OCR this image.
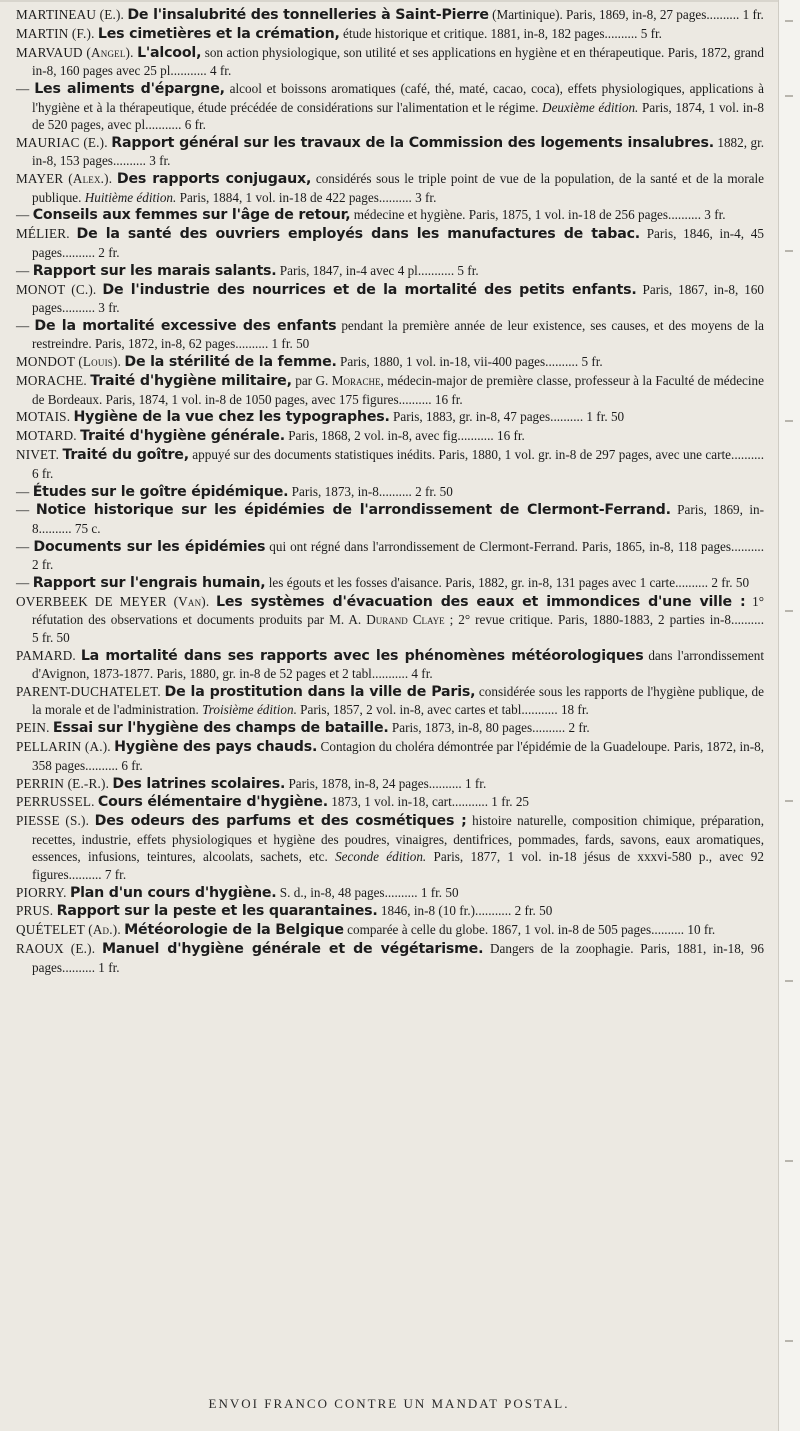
MARTINEAU (E.). De l'insalubrité des tonnelleries à Saint-Pierre (Martinique). Paris, 1869, in-8, 27 pages.......... 1 fr.
MARTIN (F.). Les cimetières et la crémation, étude historique et critique. 1881, in-8, 182 pages.......... 5 fr.
MARVAUD (Angel). L'alcool, son action physiologique, son utilité et ses applications en hygiène et en thérapeutique. Paris, 1872, grand in-8, 160 pages avec 25 pl........... 4 fr.
— Les aliments d'épargne, alcool et boissons aromatiques (café, thé, maté, cacao, coca), effets physiologiques, applications à l'hygiène et à la thérapeutique, étude précédée de considérations sur l'alimentation et le régime. Deuxième édition. Paris, 1874, 1 vol. in-8 de 520 pages, avec pl........... 6 fr.
MAURIAC (E.). Rapport général sur les travaux de la Commission des logements insalubres. 1882, gr. in-8, 153 pages.......... 3 fr.
MAYER (Alex.). Des rapports conjugaux, considérés sous le triple point de vue de la population, de la santé et de la morale publique. Huitième édition. Paris, 1884, 1 vol. in-18 de 422 pages.......... 3 fr.
— Conseils aux femmes sur l'âge de retour, médecine et hygiène. Paris, 1875, 1 vol. in-18 de 256 pages.......... 3 fr.
MÉLIER. De la santé des ouvriers employés dans les manufactures de tabac. Paris, 1846, in-4, 45 pages.......... 2 fr.
— Rapport sur les marais salants. Paris, 1847, in-4 avec 4 pl........... 5 fr.
MONOT (C.). De l'industrie des nourrices et de la mortalité des petits enfants. Paris, 1867, in-8, 160 pages.......... 3 fr.
— De la mortalité excessive des enfants pendant la première année de leur existence, ses causes, et des moyens de la restreindre. Paris, 1872, in-8, 62 pages.......... 1 fr. 50
MONDOT (Louis). De la stérilité de la femme. Paris, 1880, 1 vol. in-18, vii-400 pages.......... 5 fr.
MORACHE. Traité d'hygiène militaire, par G. Morache, médecin-major de première classe, professeur à la Faculté de médecine de Bordeaux. Paris, 1874, 1 vol. in-8 de 1050 pages, avec 175 figures.......... 16 fr.
MOTAIS. Hygiène de la vue chez les typographes. Paris, 1883, gr. in-8, 47 pages.......... 1 fr. 50
MOTARD. Traité d'hygiène générale. Paris, 1868, 2 vol. in-8, avec fig........... 16 fr.
NIVET. Traité du goître, appuyé sur des documents statistiques inédits. Paris, 1880, 1 vol. gr. in-8 de 297 pages, avec une carte.......... 6 fr.
— Études sur le goître épidémique. Paris, 1873, in-8.......... 2 fr. 50
— Notice historique sur les épidémies de l'arrondissement de Clermont-Ferrand. Paris, 1869, in-8.......... 75 c.
— Documents sur les épidémies qui ont régné dans l'arrondissement de Clermont-Ferrand. Paris, 1865, in-8, 118 pages.......... 2 fr.
— Rapport sur l'engrais humain, les égouts et les fosses d'aisance. Paris, 1882, gr. in-8, 131 pages avec 1 carte.......... 2 fr. 50
OVERBEEK DE MEYER (Van). Les systèmes d'évacuation des eaux et immondices d'une ville : 1° réfutation des observations et documents produits par M. A. Durand Claye ; 2° revue critique. Paris, 1880-1883, 2 parties in-8.......... 5 fr. 50
PAMARD. La mortalité dans ses rapports avec les phénomènes météorologiques dans l'arrondissement d'Avignon, 1873-1877. Paris, 1880, gr. in-8 de 52 pages et 2 tabl........... 4 fr.
PARENT-DUCHATELET. De la prostitution dans la ville de Paris, considérée sous les rapports de l'hygiène publique, de la morale et de l'administration. Troisième édition. Paris, 1857, 2 vol. in-8, avec cartes et tabl........... 18 fr.
PEIN. Essai sur l'hygiène des champs de bataille. Paris, 1873, in-8, 80 pages.......... 2 fr.
PELLARIN (A.). Hygiène des pays chauds. Contagion du choléra démontrée par l'épidémie de la Guadeloupe. Paris, 1872, in-8, 358 pages.......... 6 fr.
PERRIN (E.-R.). Des latrines scolaires. Paris, 1878, in-8, 24 pages.......... 1 fr.
PERRUSSEL. Cours élémentaire d'hygiène. 1873, 1 vol. in-18, cart........... 1 fr. 25
PIESSE (S.). Des odeurs des parfums et des cosmétiques ; histoire naturelle, composition chimique, préparation, recettes, industrie, effets physiologiques et hygiène des poudres, vinaigres, dentifrices, pommades, fards, savons, eaux aromatiques, essences, infusions, teintures, alcoolats, sachets, etc. Seconde édition. Paris, 1877, 1 vol. in-18 jésus de xxxvi-580 p., avec 92 figures.......... 7 fr.
PIORRY. Plan d'un cours d'hygiène. S. d., in-8, 48 pages.......... 1 fr. 50
PRUS. Rapport sur la peste et les quarantaines. 1846, in-8 (10 fr.)........... 2 fr. 50
QUÉTELET (Ad.). Météorologie de la Belgique comparée à celle du globe. 1867, 1 vol. in-8 de 505 pages.......... 10 fr.
RAOUX (E.). Manuel d'hygiène générale et de végétarisme. Dangers de la zoophagie. Paris, 1881, in-18, 96 pages.......... 1 fr.
ENVOI FRANCO CONTRE UN MANDAT POSTAL.
